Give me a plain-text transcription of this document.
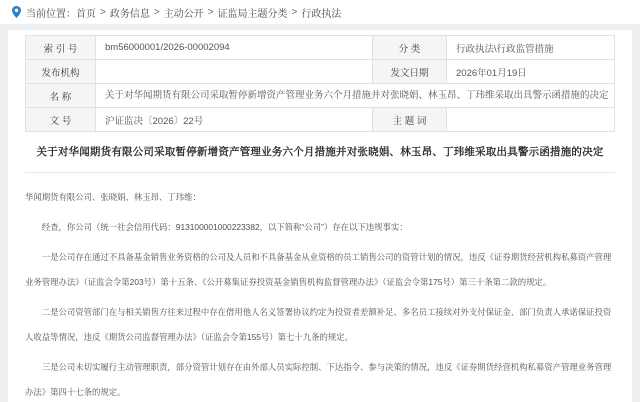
当前位置： 首页 > 政务信息 > 主动公开 > 证监局主题分类 > 行政执法
索 引 号	bm56000001/2026-00002094	分 类	行政执法\行政监管措施
发布机构		发文日期	2026年01月19日
名 称	关于对华闻期货有限公司采取暂停新增资产管理业务六个月措施并对张晓娟、林玉昂、丁玮维采取出具警示函措施的决定		
文 号	沪证监决〔2026〕22号	主 题 词	
关于对华闻期货有限公司采取暂停新增资产管理业务六个月措施并对张晓娟、林玉昂、丁玮维采取出具警示函措施的决定

华闻期货有限公司、张晓娟、林玉昂、丁玮维：

经查，你公司（统一社会信用代码：913100001000223382，以下简称“公司”）存在以下违规事实：

一是公司存在通过不具备基金销售业务资格的公司及人员和不具备基金从业资格的员工销售公司的资管计划的情况，违反《证券期货经营机构私募资产管理业务管理办法》（证监会令第203号）第十五条、《公开募集证券投资基金销售机构监督管理办法》（证监会令第175号）第三十条第二款的规定。

二是公司资管部门在与相关销售方往来过程中存在借用他人名义签署协议约定为投资者差额补足、多名员工接续对外支付保证金、部门负责人承诺保证投资人收益等情况，违反《期货公司监督管理办法》（证监会令第155号）第七十九条的规定。

三是公司未切实履行主动管理职责，部分资管计划存在由外部人员实际控制、下达指令、参与决策的情况，违反《证券期货经营机构私募资产管理业务管理办法》第四十七条的规定。
